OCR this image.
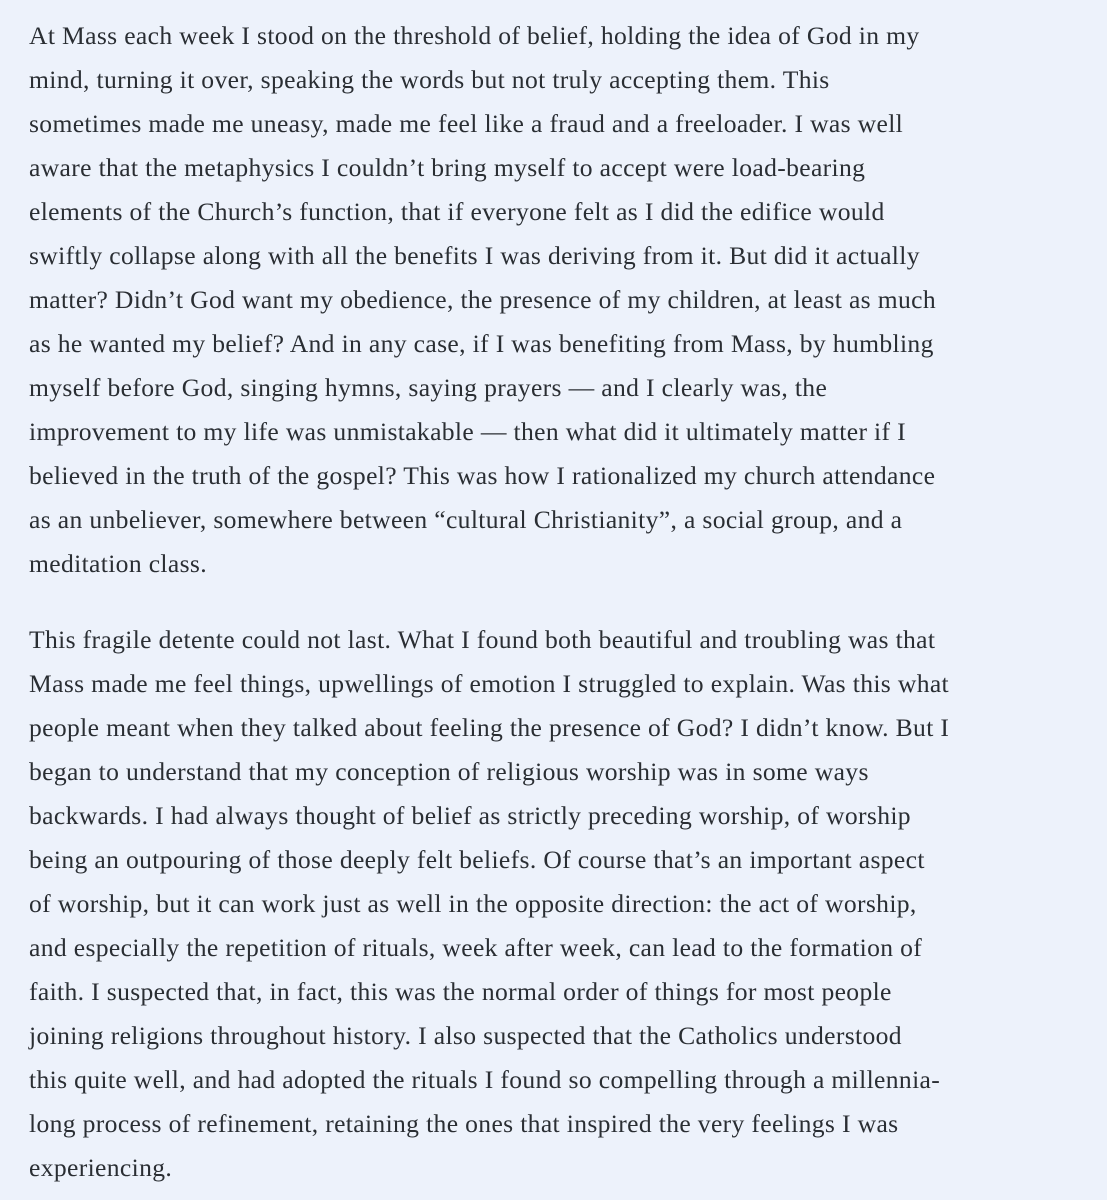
At Mass each week I stood on the threshold of belief, holding the idea of God in my
mind, turning it over, speaking the words but not truly accepting them. This
sometimes made me uneasy, made me feel like a fraud and a freeloader. I was well
aware that the metaphysics I couldn’t bring myself to accept were load-bearing
elements of the Church’s function, that if everyone felt as I did the edifice would
swiftly collapse along with all the benefits I was deriving from it. But did it actually
matter? Didn’t God want my obedience, the presence of my children, at least as much
as he wanted my belief? And in any case, if I was benefiting from Mass, by humbling
myself before God, singing hymns, saying prayers — and I clearly was, the
improvement to my life was unmistakable — then what did it ultimately matter if I
believed in the truth of the gospel? This was how I rationalized my church attendance
as an unbeliever, somewhere between “cultural Christianity”, a social group, and a
meditation class.

This fragile detente could not last. What I found both beautiful and troubling was that
Mass made me feel things, upwellings of emotion I struggled to explain. Was this what
people meant when they talked about feeling the presence of God? I didn’t know. But I
began to understand that my conception of religious worship was in some ways
backwards. I had always thought of belief as strictly preceding worship, of worship
being an outpouring of those deeply felt beliefs. Of course that’s an important aspect
of worship, but it can work just as well in the opposite direction: the act of worship,
and especially the repetition of rituals, week after week, can lead to the formation of
faith. I suspected that, in fact, this was the normal order of things for most people
joining religions throughout history. I also suspected that the Catholics understood
this quite well, and had adopted the rituals I found so compelling through a millennia-
long process of refinement, retaining the ones that inspired the very feelings I was
experiencing.
